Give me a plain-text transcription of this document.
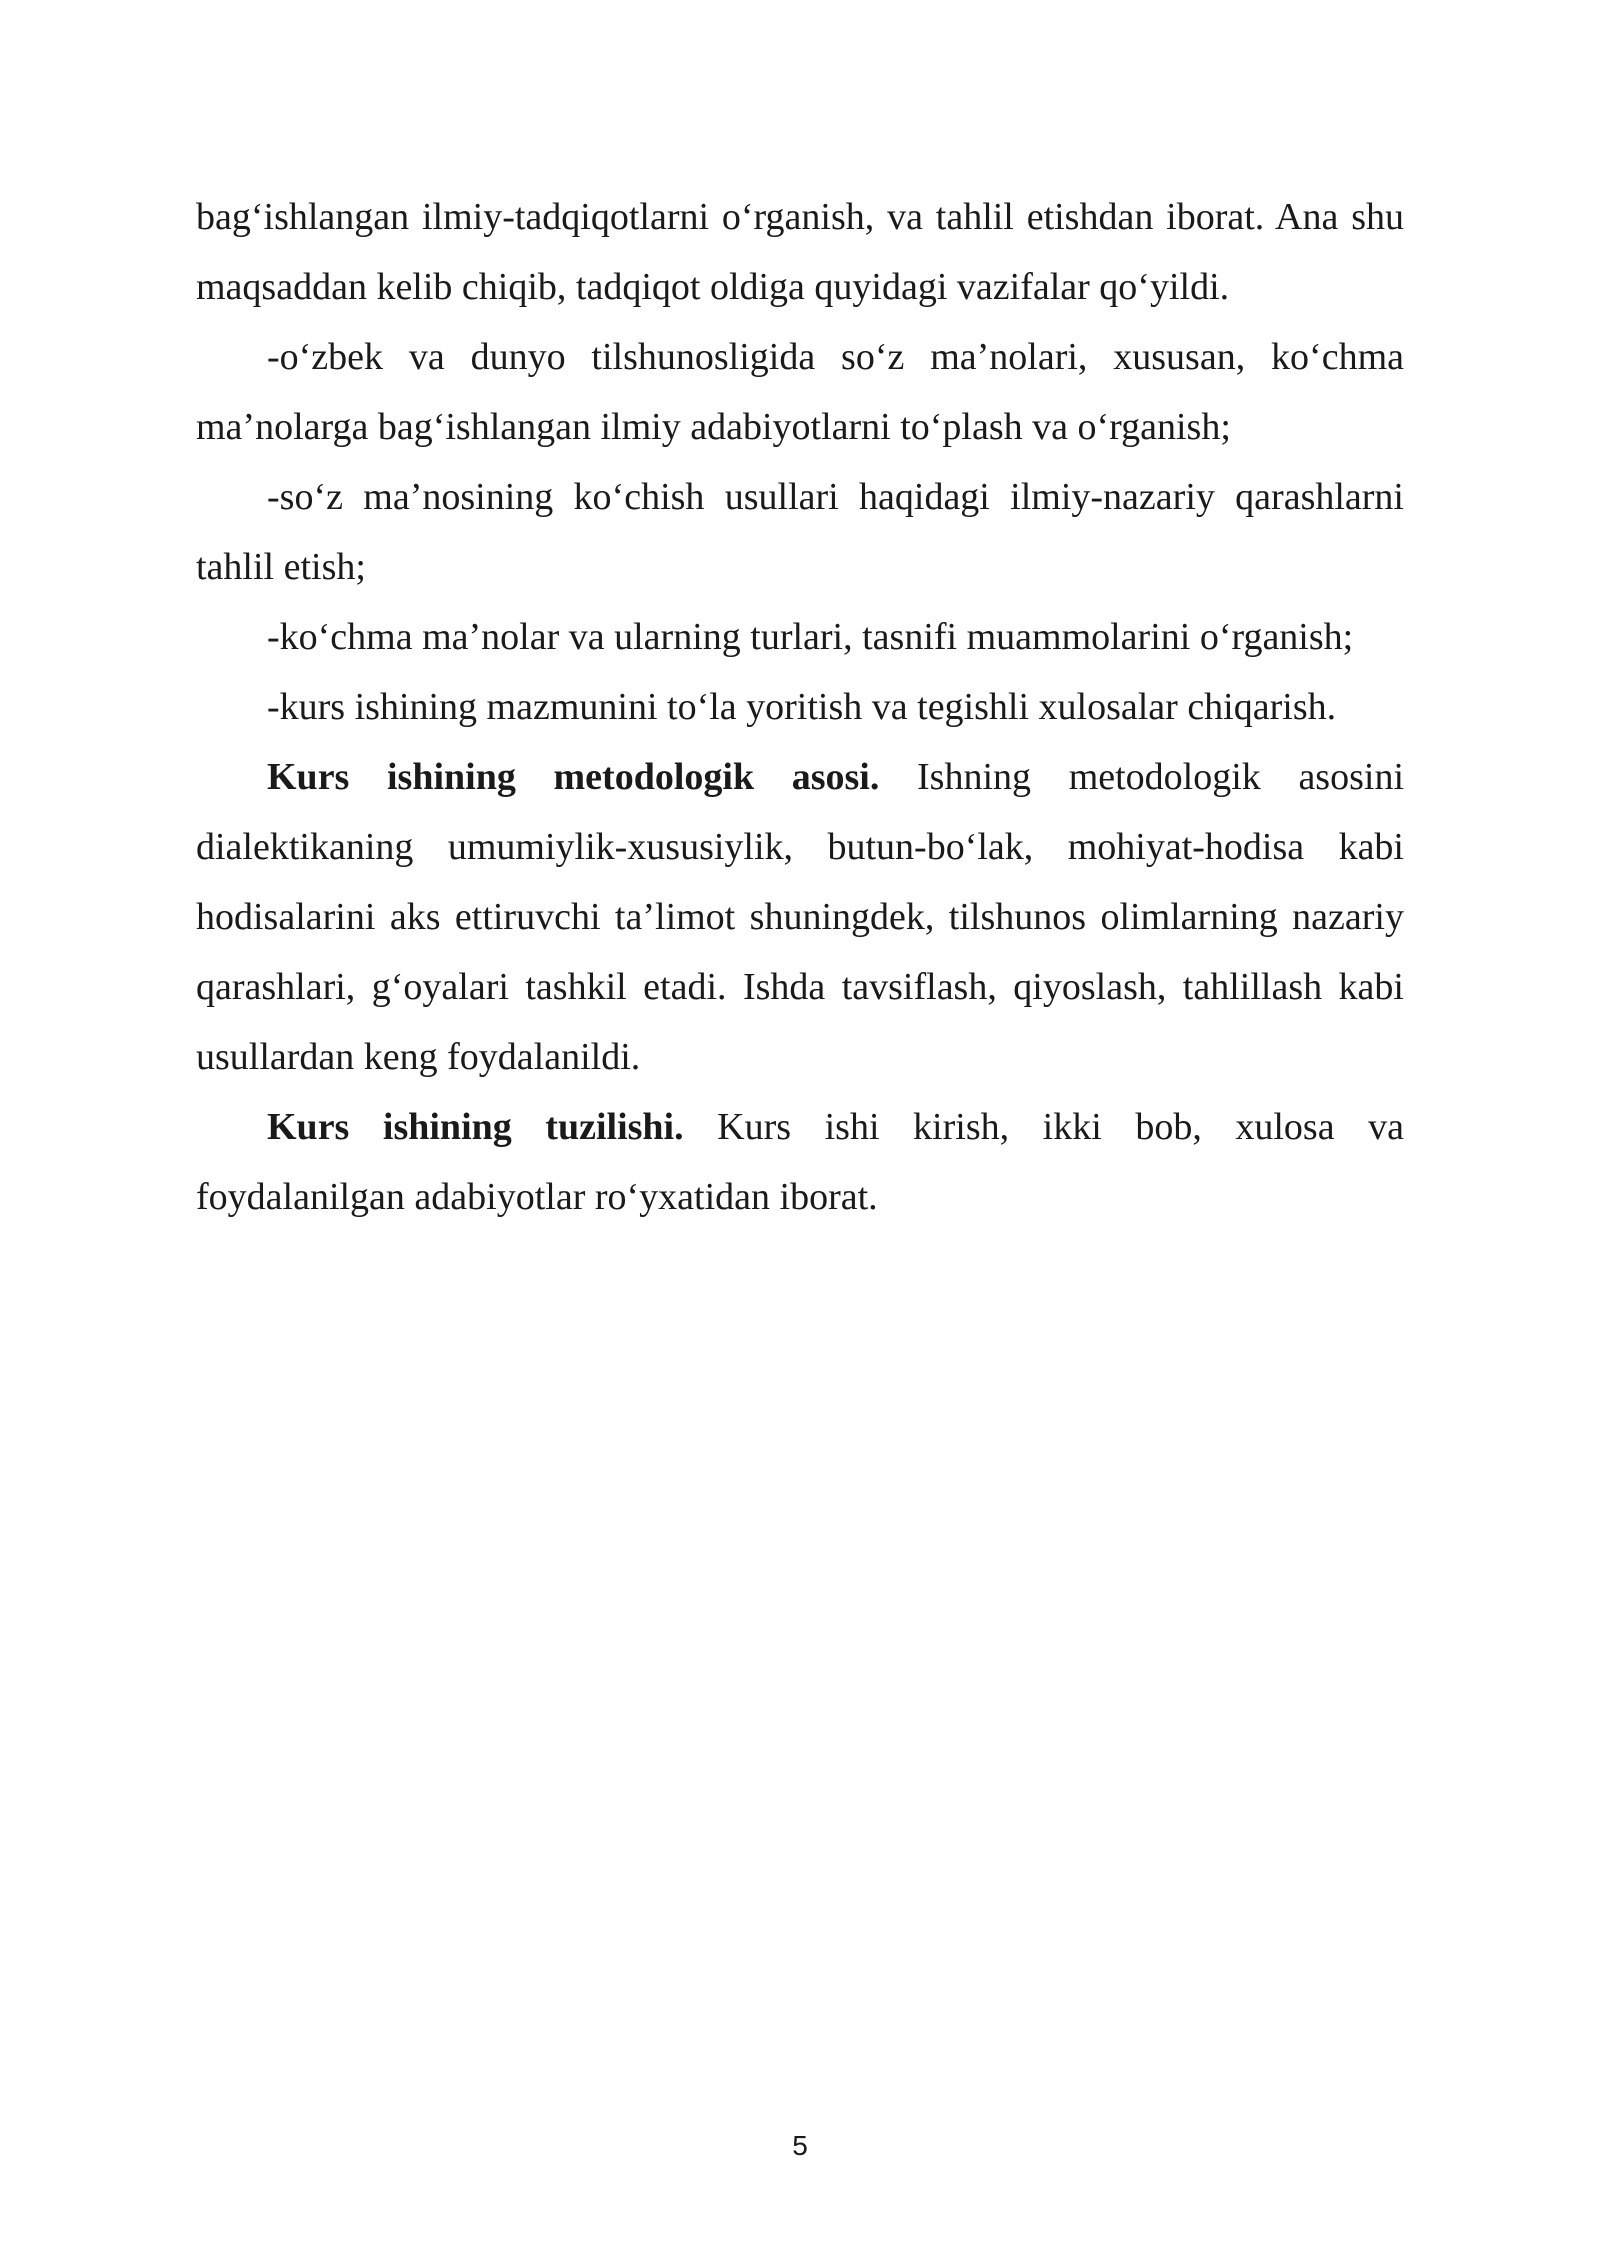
bag‘ishlangan ilmiy-tadqiqotlarni o‘rganish, va tahlil etishdan iborat. Ana shu maqsaddan kelib chiqib, tadqiqot oldiga quyidagi vazifalar qo‘yildi.

-o‘zbek va dunyo tilshunosligida so‘z ma’nolari, xususan, ko‘chma ma’nolarga bag‘ishlangan ilmiy adabiyotlarni to‘plash va o‘rganish;

-so‘z ma’nosining ko‘chish usullari haqidagi ilmiy-nazariy qarashlarni tahlil etish;

-ko‘chma ma’nolar va ularning turlari, tasnifi muammolarini o‘rganish;

-kurs ishining mazmunini to‘la yoritish va tegishli xulosalar chiqarish.

Kurs ishining metodologik asosi. Ishning metodologik asosini dialektikaning umumiylik-xususiylik, butun-bo‘lak, mohiyat-hodisa kabi hodisalarini aks ettiruvchi ta’limot shuningdek, tilshunos olimlarning nazariy qarashlari, g‘oyalari tashkil etadi. Ishda tavsiflash, qiyoslash, tahlillash kabi usullardan keng foydalanildi.

Kurs ishining tuzilishi. Kurs ishi kirish, ikki bob, xulosa va foydalanilgan adabiyotlar ro‘yxatidan iborat.

5
